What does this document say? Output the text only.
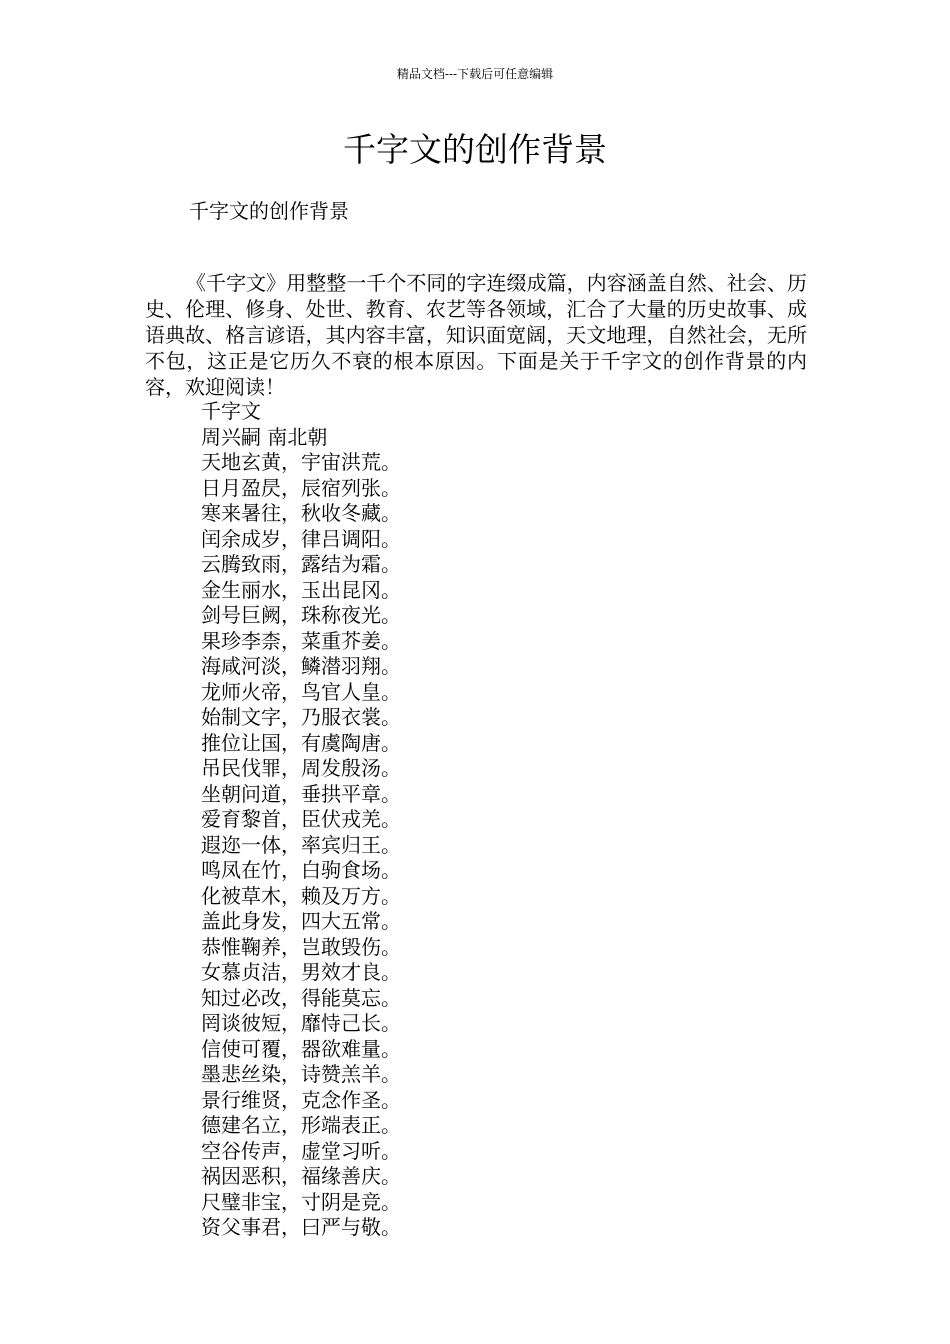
精品文档---下载后可任意编辑
千字文的创作背景
千字文的创作背景

《千字文》用整整一千个不同的字连缀成篇，内容涵盖自然、社会、历史、伦理、修身、处世、教育、农艺等各领域，汇合了大量的历史故事、成语典故、格言谚语，其内容丰富，知识面宽阔，天文地理，自然社会，无所不包，这正是它历久不衰的根本原因。下面是关于千字文的创作背景的内容，欢迎阅读！

千字文
周兴嗣 南北朝
天地玄黄，宇宙洪荒。
日月盈昃，辰宿列张。
寒来暑往，秋收冬藏。
闰余成岁，律吕调阳。
云腾致雨，露结为霜。
金生丽水，玉出昆冈。
剑号巨阙，珠称夜光。
果珍李柰，菜重芥姜。
海咸河淡，鳞潜羽翔。
龙师火帝，鸟官人皇。
始制文字，乃服衣裳。
推位让国，有虞陶唐。
吊民伐罪，周发殷汤。
坐朝问道，垂拱平章。
爱育黎首，臣伏戎羌。
遐迩一体，率宾归王。
鸣凤在竹，白驹食场。
化被草木，赖及万方。
盖此身发，四大五常。
恭惟鞠养，岂敢毁伤。
女慕贞洁，男效才良。
知过必改，得能莫忘。
罔谈彼短，靡恃己长。
信使可覆，器欲难量。
墨悲丝染，诗赞羔羊。
景行维贤，克念作圣。
德建名立，形端表正。
空谷传声，虚堂习听。
祸因恶积，福缘善庆。
尺璧非宝，寸阴是竞。
资父事君，曰严与敬。
